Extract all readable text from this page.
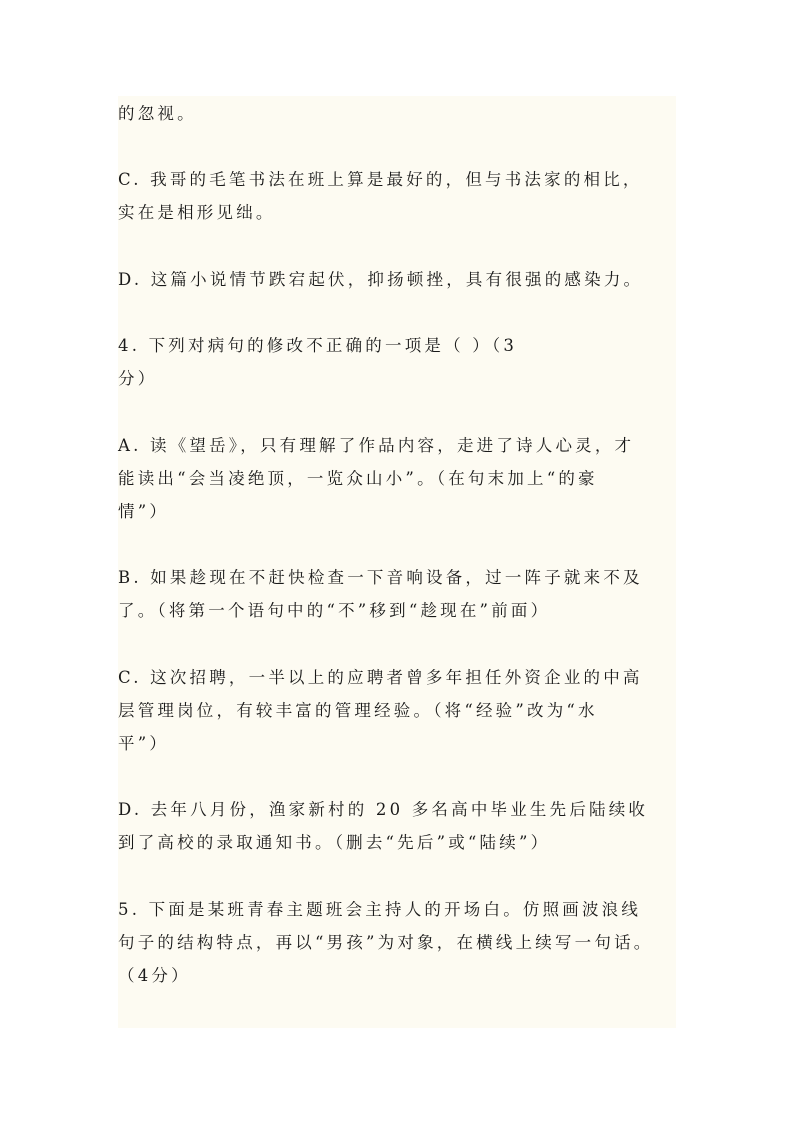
的忽视。
C. 我哥的毛笔书法在班上算是最好的，但与书法家的相比，
实在是相形见绌。
D. 这篇小说情节跌宕起伏，抑扬顿挫，具有很强的感染力。
4. 下列对病句的修改不正确的一项是（ ）（3
分）
A. 读《望岳》，只有理解了作品内容，走进了诗人心灵，才
能读出“会当凌绝顶，一览众山小”。（在句末加上“的豪
情”）
B. 如果趁现在不赶快检查一下音响设备，过一阵子就来不及
了。（将第一个语句中的“不”移到“趁现在”前面）
C. 这次招聘，一半以上的应聘者曾多年担任外资企业的中高
层管理岗位，有较丰富的管理经验。（将“经验”改为“水
平”）
D. 去年八月份，渔家新村的 20 多名高中毕业生先后陆续收
到了高校的录取通知书。（删去“先后”或“陆续”）
5. 下面是某班青春主题班会主持人的开场白。仿照画波浪线
句子的结构特点，再以“男孩”为对象，在横线上续写一句话。
（4分）
